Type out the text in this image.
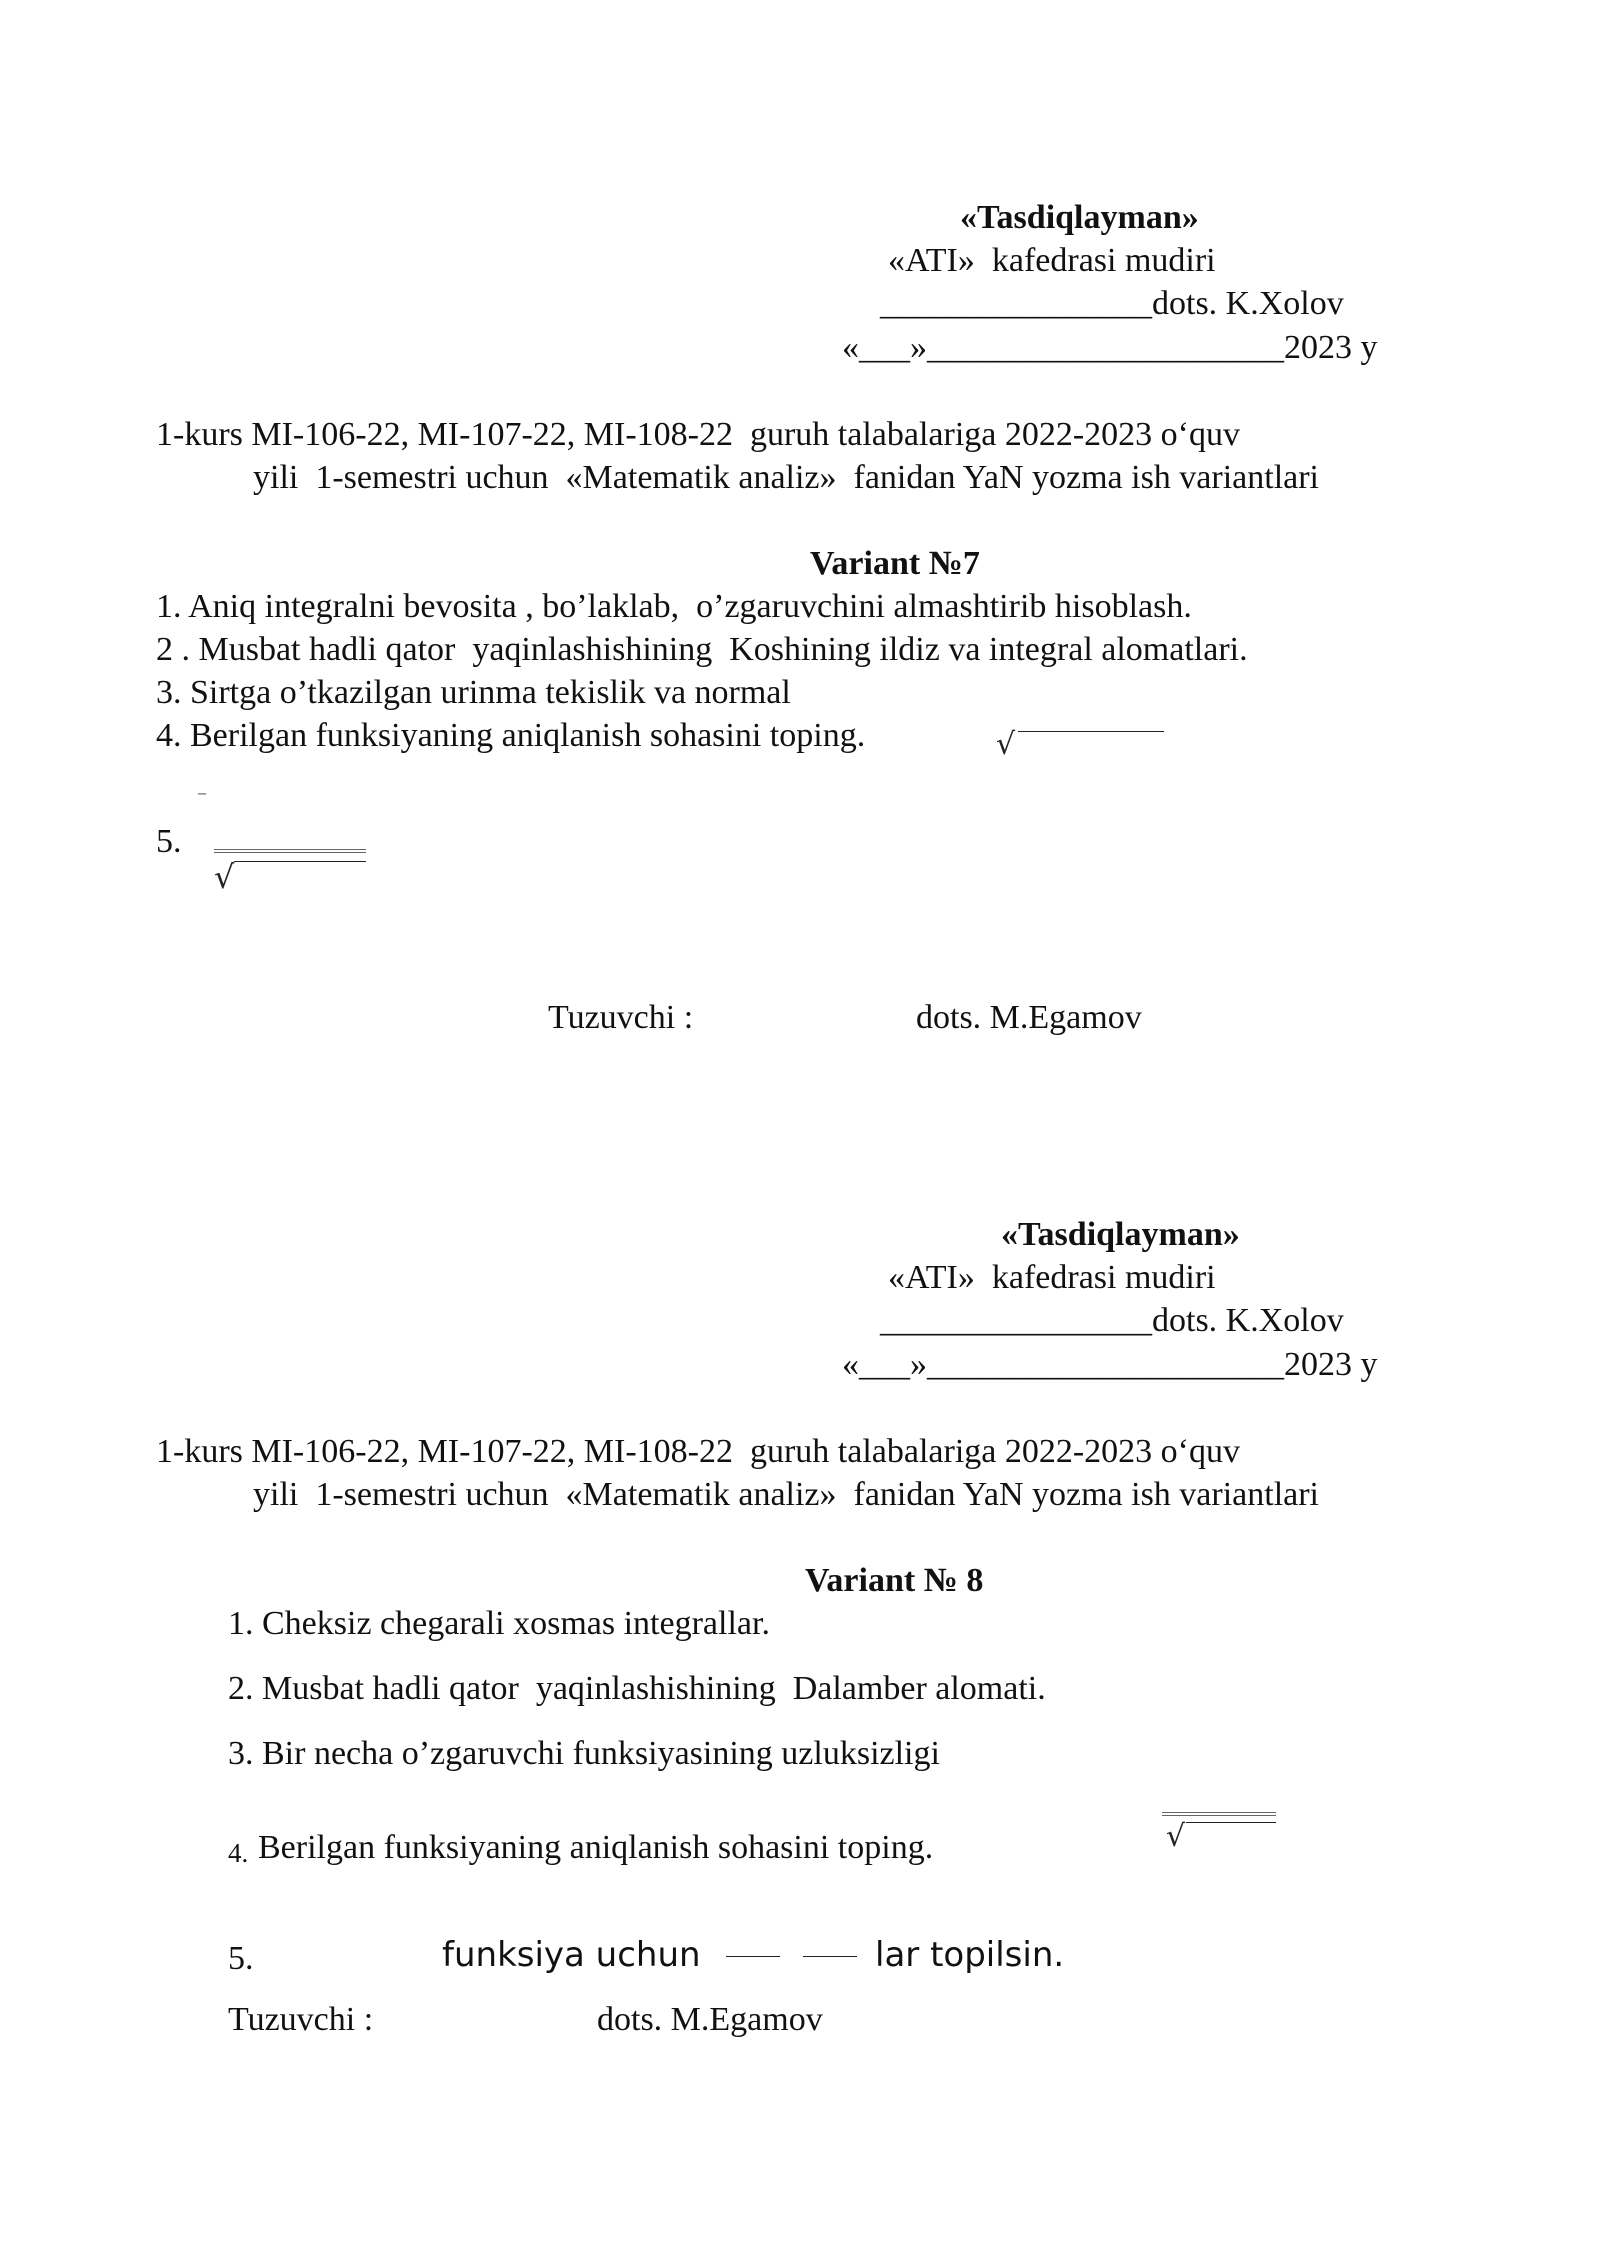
«Tasdiqlayman»
«ATI»  kafedrasi mudiri
________________dots. K.Xolov
«___»_____________________2023 y
1-kurs MI-106-22, MI-107-22, MI-108-22  guruh talabalariga 2022-2023 o‘quv
yili  1-semestri uchun  «Matematik analiz»  fanidan YaN yozma ish variantlari
Variant №7
1. Aniq integralni bevosita , bo’laklab,  o’zgaruvchini almashtirib hisoblash.
2 . Musbat hadli qator  yaqinlashishining  Koshining ildiz va integral alomatlari.
3. Sirtga o’tkazilgan urinma tekislik va normal
4. Berilgan funksiyaning aniqlanish sohasini toping.	√
–
5.
√
Tuzuvchi :	dots. M.Egamov
«Tasdiqlayman»
«ATI»  kafedrasi mudiri
________________dots. K.Xolov
«___»_____________________2023 y
1-kurs MI-106-22, MI-107-22, MI-108-22  guruh talabalariga 2022-2023 o‘quv
yili  1-semestri uchun  «Matematik analiz»  fanidan YaN yozma ish variantlari
Variant № 8
1. Cheksiz chegarali xosmas integrallar.
2. Musbat hadli qator  yaqinlashishining  Dalamber alomati.
3. Bir necha o’zgaruvchi funksiyasining uzluksizligi
4. Berilgan funksiyaning aniqlanish sohasini toping.	√
5.	funksiya uchun	lar topilsin.
Tuzuvchi :	dots. M.Egamov
